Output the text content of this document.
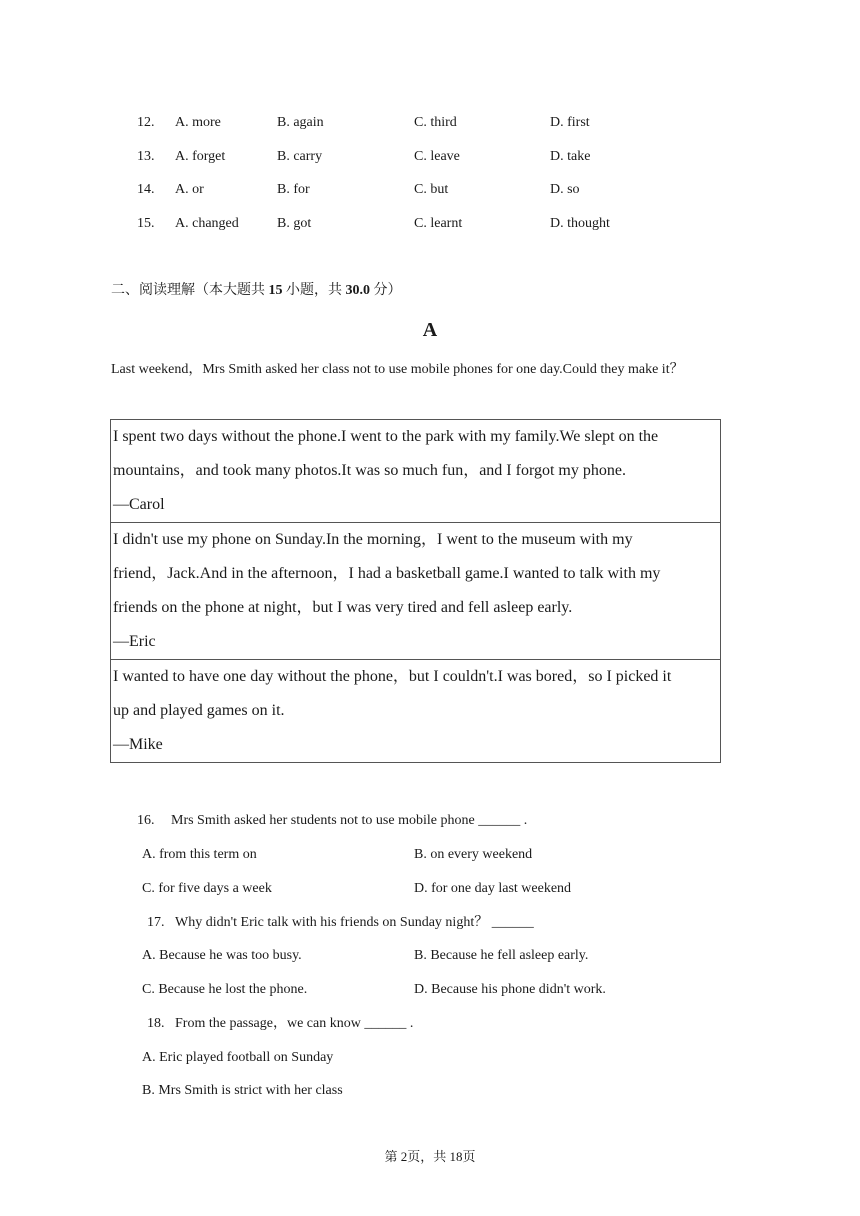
12. A. more	B. again	C. third	D. first
13. A. forget	B. carry	C. leave	D. take
14. A. or	B. for	C. but	D. so
15. A. changed	B. got	C. learnt	D. thought
二、阅读理解（本大题共 15 小题，共 30.0 分）
A
Last weekend，Mrs Smith asked her class not to use mobile phones for one day.Could they make it？
I spent two days without the phone.I went to the park with my family.We slept on the
mountains，and took many photos.It was so much fun，and I forgot my phone.
—Carol

I didn't use my phone on Sunday.In the morning，I went to the museum with my
friend，Jack.And in the afternoon，I had a basketball game.I wanted to talk with my
friends on the phone at night，but I was very tired and fell asleep early.
—Eric

I wanted to have one day without the phone，but I couldn't.I was bored，so I picked it
up and played games on it.
—Mike
16. Mrs Smith asked her students not to use mobile phone ______ .
A. from this term on	B. on every weekend
C. for five days a week	D. for one day last weekend
17. Why didn't Eric talk with his friends on Sunday night？ ______
A. Because he was too busy.	B. Because he fell asleep early.
C. Because he lost the phone.	D. Because his phone didn't work.
18. From the passage，we can know ______ .
A. Eric played football on Sunday
B. Mrs Smith is strict with her class
第 2页，共 18页
